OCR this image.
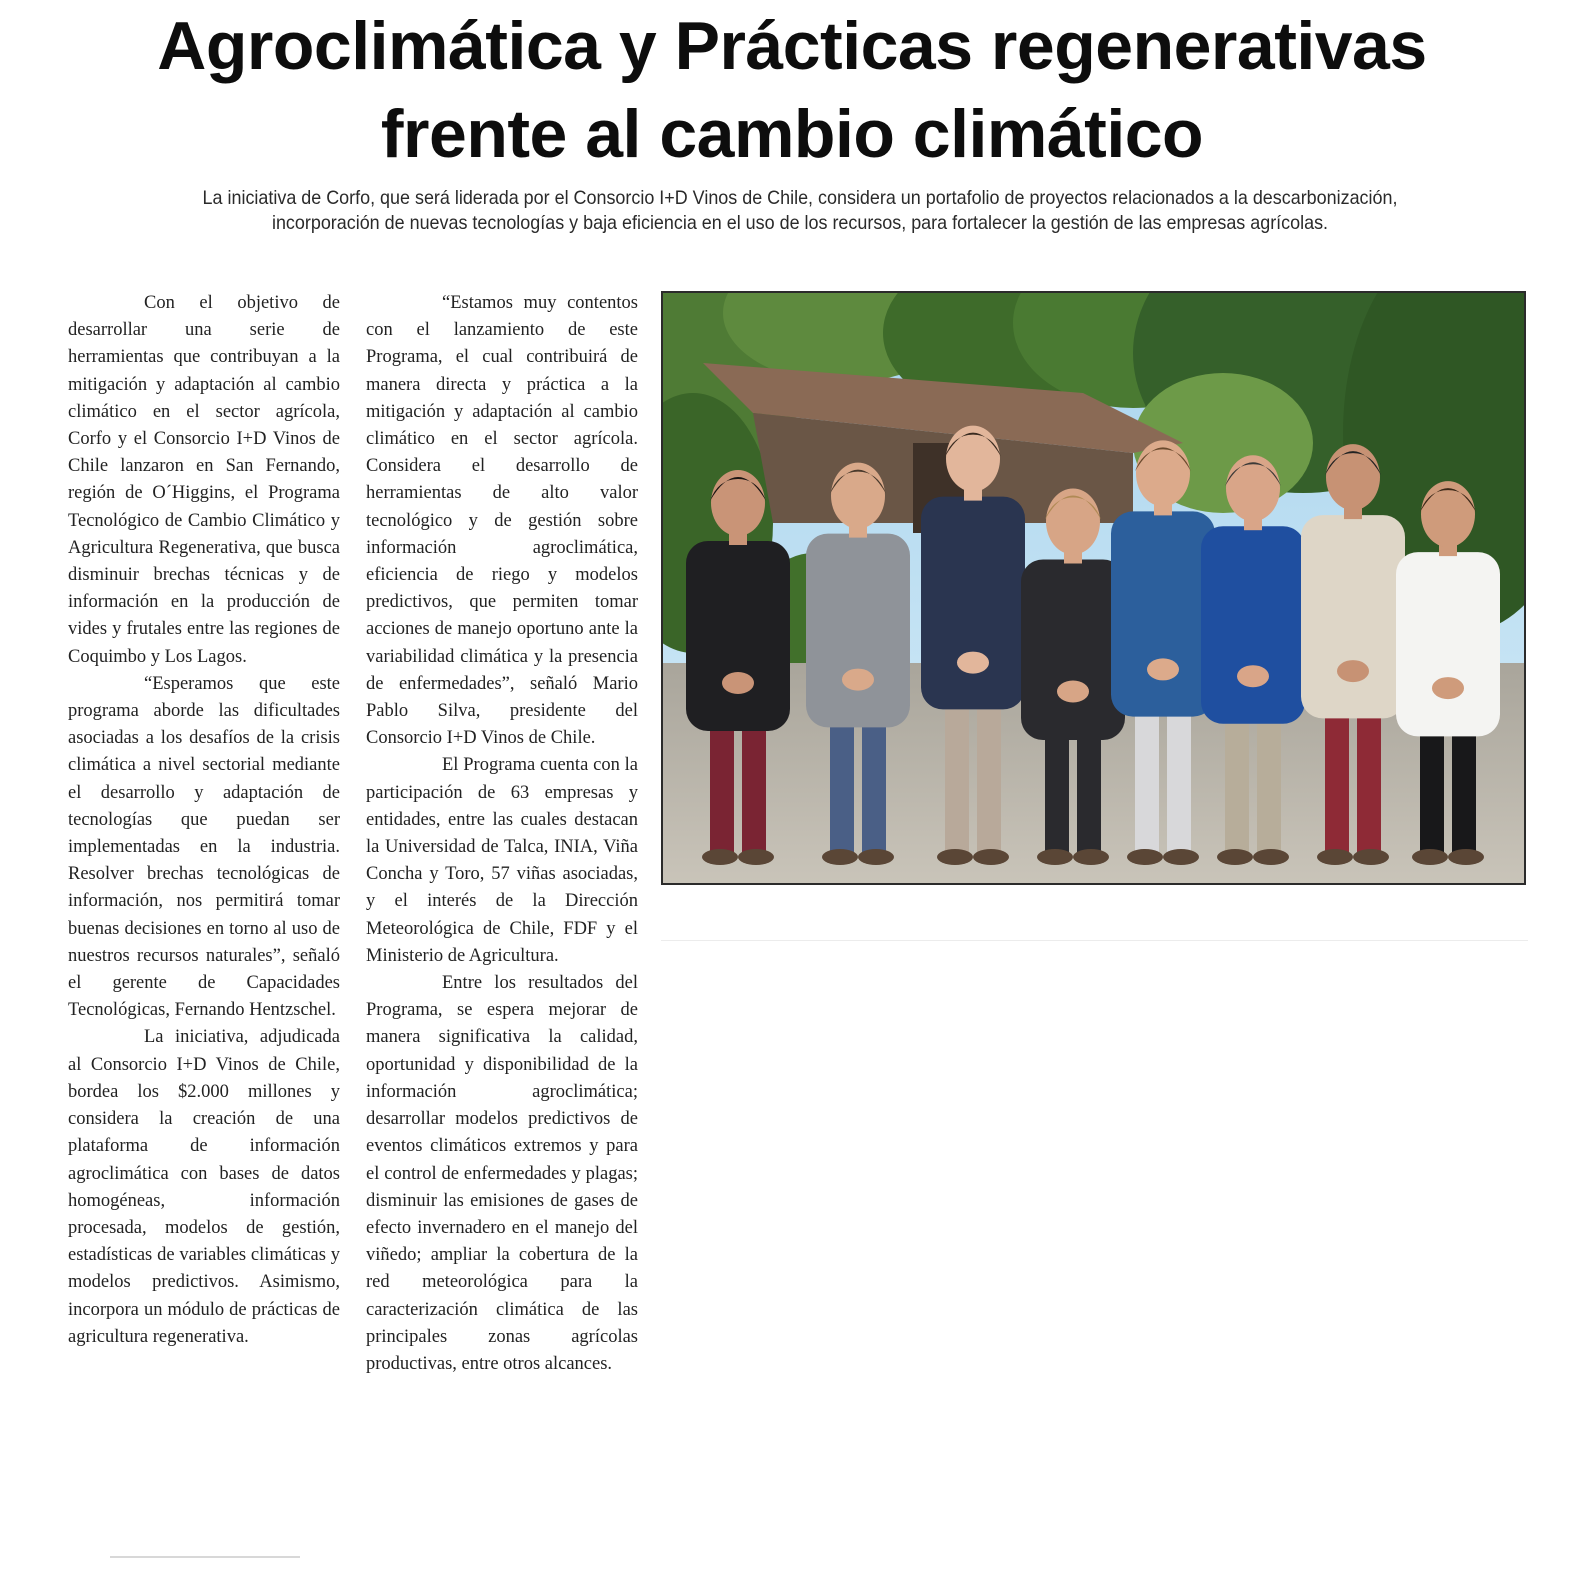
Agroclimática y Prácticas regenerativas
frente al cambio climático
La iniciativa de Corfo, que será liderada por el Consorcio I+D Vinos de Chile, considera un portafolio de proyectos relacionados a la descarbonización,
incorporación de nuevas tecnologías y baja eficiencia en el uso de los recursos, para fortalecer la gestión de las empresas agrícolas.

Con el objetivo de desarrollar una serie de herramientas que contribuyan a la mitigación y adaptación al cambio climático en el sector agrícola, Corfo y el Consorcio I+D Vinos de Chile lanzaron en San Fernando, región de O´Higgins, el Programa Tecnológico de Cambio Climático y Agricultura Regenerativa, que busca disminuir brechas técnicas y de información en la producción de vides y frutales entre las regiones de Coquimbo y Los Lagos.

“Esperamos que este programa aborde las dificultades asociadas a los desafíos de la crisis climática a nivel sectorial mediante el desarrollo y adaptación de tecnologías que puedan ser implementadas en la industria. Resolver brechas tecnológicas de información, nos permitirá tomar buenas decisiones en torno al uso de nuestros recursos naturales”, señaló el gerente de Capacidades Tecnológicas, Fernando Hentzschel.

La iniciativa, adjudicada al Consorcio I+D Vinos de Chile, bordea los $2.000 millones y considera la creación de una plataforma de información agroclimática con bases de datos homogéneas, información procesada, modelos de gestión, estadísticas de variables climáticas y modelos predictivos. Asimismo, incorpora un módulo de prácticas de agricultura regenerativa.

“Estamos muy contentos con el lanzamiento de este Programa, el cual contribuirá de manera directa y práctica a la mitigación y adaptación al cambio climático en el sector agrícola. Considera el desarrollo de herramientas de alto valor tecnológico y de gestión sobre información agroclimática, eficiencia de riego y modelos predictivos, que permiten tomar acciones de manejo oportuno ante la variabilidad climática y la presencia de enfermedades”, señaló Mario Pablo Silva, presidente del Consorcio I+D Vinos de Chile.

El Programa cuenta con la participación de 63 empresas y entidades, entre las cuales destacan la Universidad de Talca, INIA, Viña Concha y Toro, 57 viñas asociadas, y el interés de la Dirección Meteorológica de Chile, FDF y el Ministerio de Agricultura.

Entre los resultados del Programa, se espera mejorar de manera significativa la calidad, oportunidad y disponibilidad de la información agroclimática; desarrollar modelos predictivos de eventos climáticos extremos y para el control de enfermedades y plagas; disminuir las emisiones de gases de efecto invernadero en el manejo del viñedo; ampliar la cobertura de la red meteorológica para la caracterización climática de las principales zonas agrícolas productivas, entre otros alcances.
